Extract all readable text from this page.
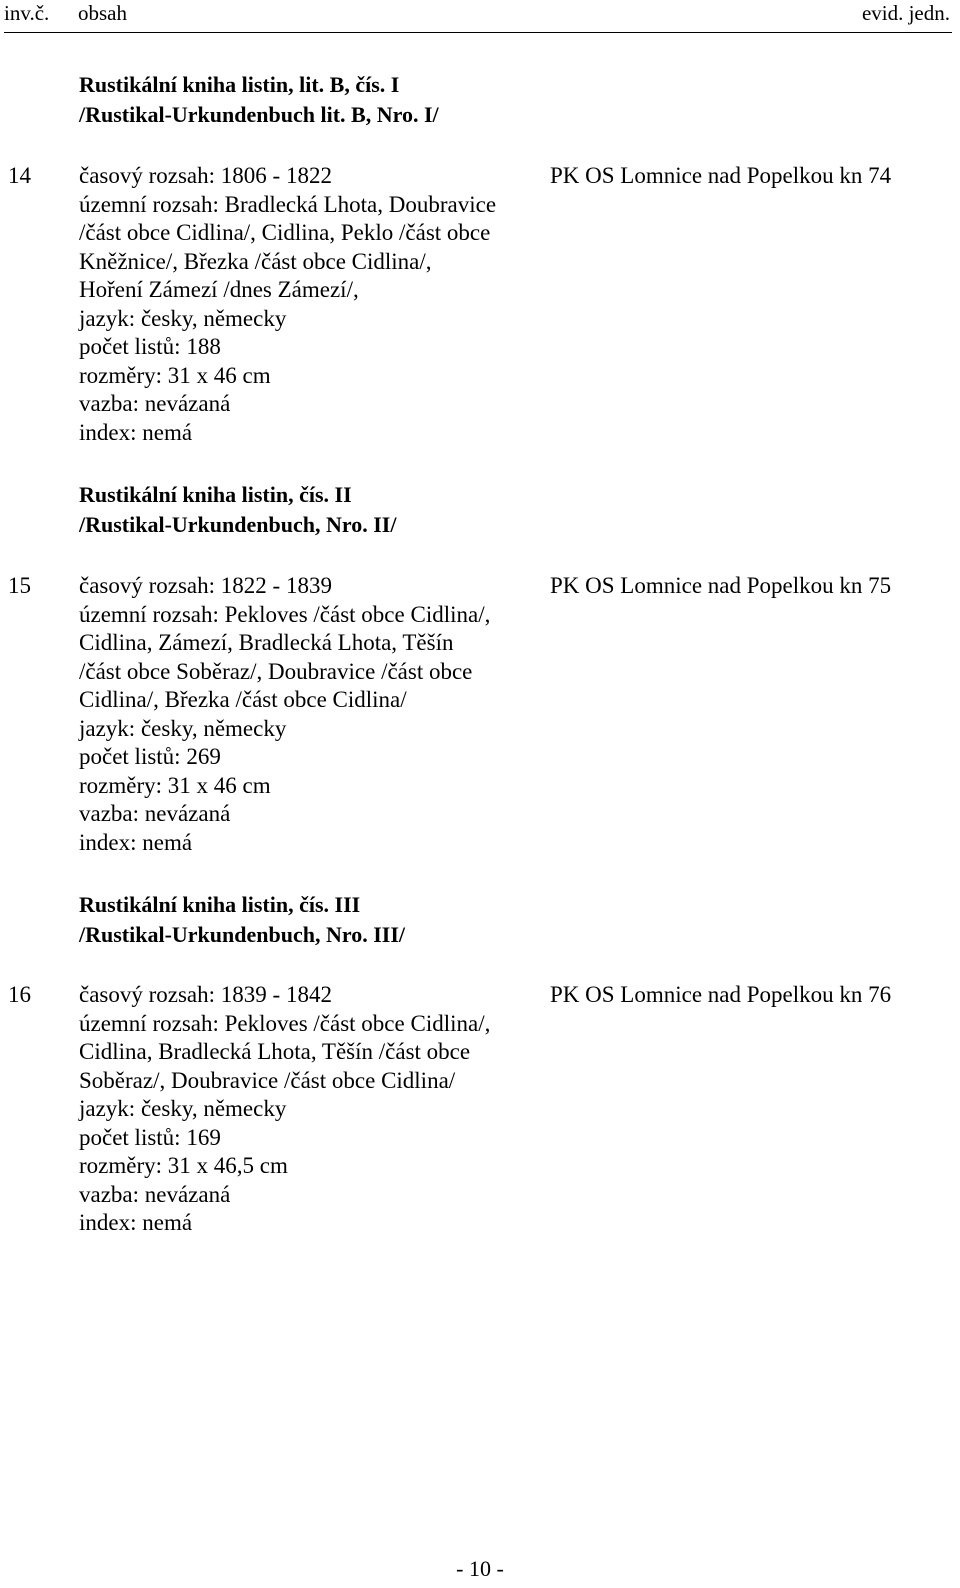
inv.č. obsah	evid. jedn.
Rustikální kniha listin, lit. B, čís. I
/Rustikal-Urkundenbuch lit. B, Nro. I/
14 časový rozsah: 1806 - 1822
územní rozsah: Bradlecká Lhota, Doubravice
/část obce Cidlina/, Cidlina, Peklo /část obce
Kněžnice/, Březka /část obce Cidlina/,
Hoření Zámezí /dnes Zámezí/,
jazyk: česky, německy
počet listů: 188
rozměry: 31 x 46 cm
vazba: nevázaná
index: nemá
PK OS Lomnice nad Popelkou kn 74
Rustikální kniha listin, čís. II
/Rustikal-Urkundenbuch, Nro. II/
15 časový rozsah: 1822 - 1839
územní rozsah: Pekloves /část obce Cidlina/,
Cidlina, Zámezí, Bradlecká Lhota, Těšín
/část obce Soběraz/, Doubravice /část obce
Cidlina/, Březka /část obce Cidlina/
jazyk: česky, německy
počet listů: 269
rozměry: 31 x 46 cm
vazba: nevázaná
index: nemá
PK OS Lomnice nad Popelkou kn 75
Rustikální kniha listin, čís. III
/Rustikal-Urkundenbuch, Nro. III/
16 časový rozsah: 1839 - 1842
územní rozsah: Pekloves /část obce Cidlina/,
Cidlina, Bradlecká Lhota, Těšín /část obce
Soběraz/, Doubravice /část obce Cidlina/
jazyk: česky, německy
počet listů: 169
rozměry: 31 x 46,5 cm
vazba: nevázaná
index: nemá
PK OS Lomnice nad Popelkou kn 76
- 10 -
